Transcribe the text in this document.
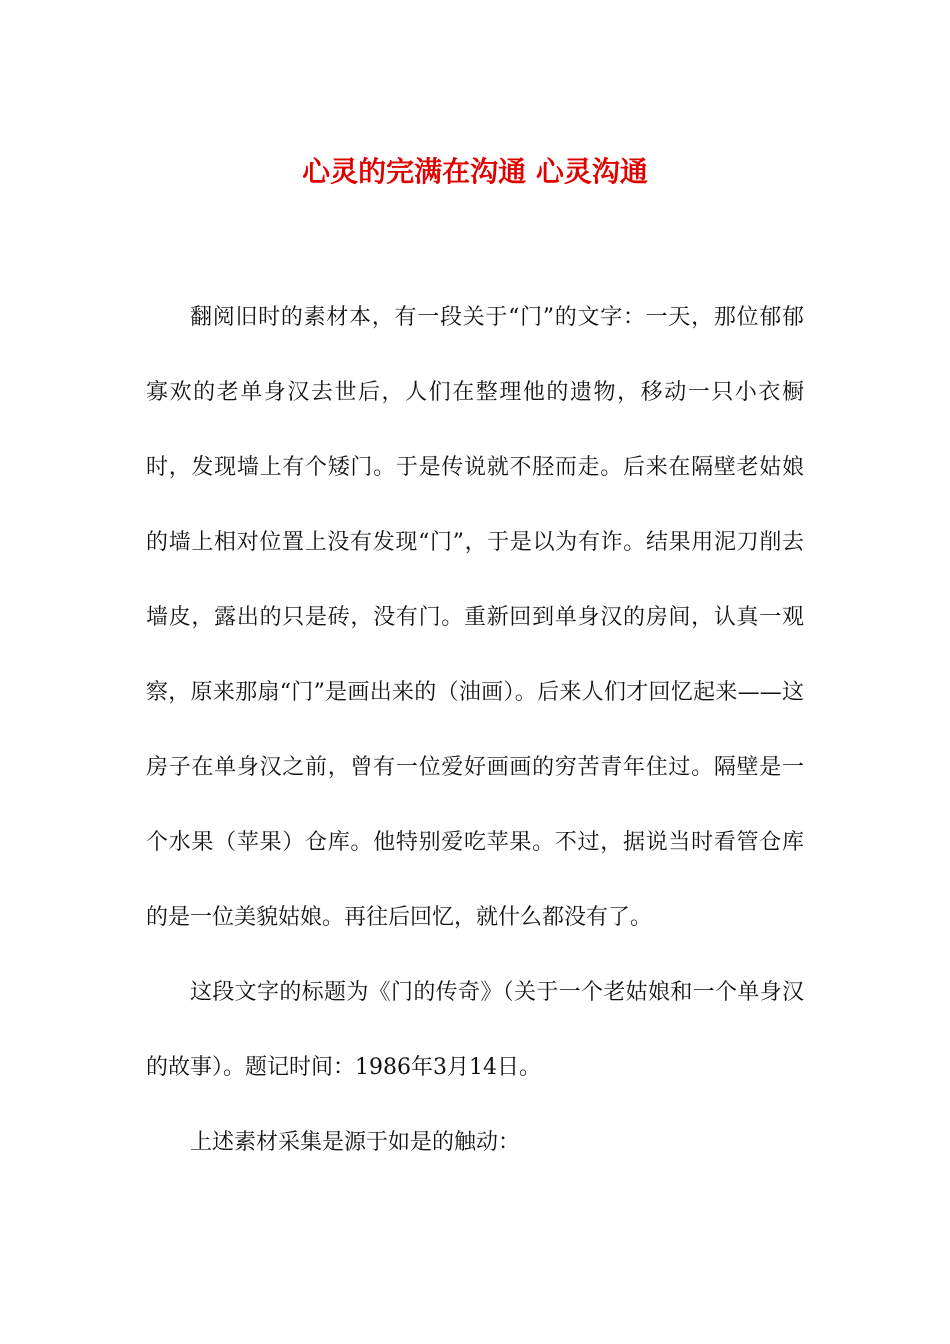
心灵的完满在沟通 心灵沟通

翻阅旧时的素材本，有一段关于“门”的文字：一天，那位郁郁寡欢的老单身汉去世后，人们在整理他的遗物，移动一只小衣橱时，发现墙上有个矮门。于是传说就不胫而走。后来在隔壁老姑娘的墙上相对位置上没有发现“门”，于是以为有诈。结果用泥刀削去墙皮，露出的只是砖，没有门。重新回到单身汉的房间，认真一观察，原来那扇“门”是画出来的（油画）。后来人们才回忆起来——这房子在单身汉之前，曾有一位爱好画画的穷苦青年住过。隔壁是一个水果（苹果）仓库。他特别爱吃苹果。不过，据说当时看管仓库的是一位美貌姑娘。再往后回忆，就什么都没有了。

这段文字的标题为《门的传奇》（关于一个老姑娘和一个单身汉的故事）。题记时间：1986年3月14日。

上述素材采集是源于如是的触动：
